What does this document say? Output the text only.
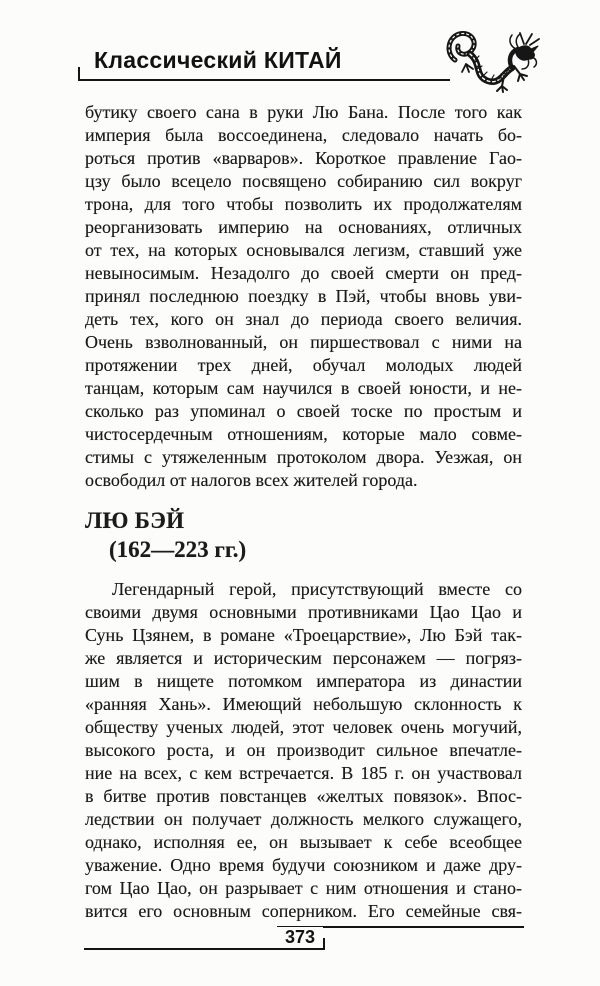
Классический КИТАЙ
бутику своего сана в руки Лю Бана. После того как
империя была воссоединена, следовало начать бо-
роться против «варваров». Короткое правление Гао-
цзу было всецело посвящено собиранию сил вокруг
трона, для того чтобы позволить их продолжателям
реорганизовать империю на основаниях, отличных
от тех, на которых основывался легизм, ставший уже
невыносимым. Незадолго до своей смерти он пред-
принял последнюю поездку в Пэй, чтобы вновь уви-
деть тех, кого он знал до периода своего величия.
Очень взволнованный, он пиршествовал с ними на
протяжении трех дней, обучал молодых людей
танцам, которым сам научился в своей юности, и не-
сколько раз упоминал о своей тоске по простым и
чистосердечным отношениям, которые мало совме-
стимы с утяжеленным протоколом двора. Уезжая, он
освободил от налогов всех жителей города.
ЛЮ БЭЙ
(162—223 гг.)
Легендарный герой, присутствующий вместе со
своими двумя основными противниками Цао Цао и
Сунь Цзянем, в романе «Троецарствие», Лю Бэй так-
же является и историческим персонажем — погряз-
шим в нищете потомком императора из династии
«ранняя Хань». Имеющий небольшую склонность к
обществу ученых людей, этот человек очень могучий,
высокого роста, и он производит сильное впечатле-
ние на всех, с кем встречается. В 185 г. он участвовал
в битве против повстанцев «желтых повязок». Впос-
ледствии он получает должность мелкого служащего,
однако, исполняя ее, он вызывает к себе всеобщее
уважение. Одно время будучи союзником и даже дру-
гом Цао Цао, он разрывает с ним отношения и стано-
вится его основным соперником. Его семейные свя-
373
